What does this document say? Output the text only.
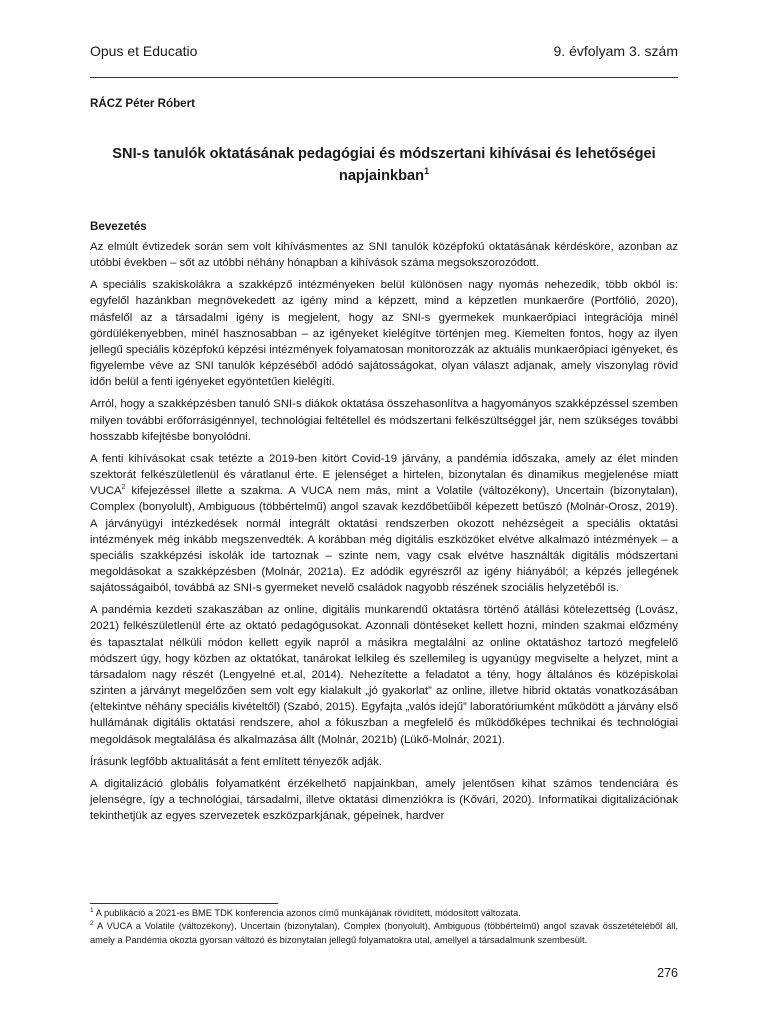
Opus et Educatio	9. évfolyam 3. szám
RÁCZ Péter Róbert
SNI-s tanulók oktatásának pedagógiai és módszertani kihívásai és lehetőségei napjainkban$^1$
Bevezetés

Az elmúlt évtizedek során sem volt kihívásmentes az SNI tanulók középfokú oktatásának kérdésköre, azonban az utóbbi években – sőt az utóbbi néhány hónapban a kihívások száma megsokszorozódott.

A speciális szakiskolákra a szakképző intézményeken belül különösen nagy nyomás nehezedik, több okból is: egyfelől hazánkban megnövekedett az igény mind a képzett, mind a képzetlen munkaerőre (Portfólió, 2020), másfelől az a társadalmi igény is megjelent, hogy az SNI-s gyermekek munkaerőpiaci integrációja minél gördülékenyebben, minél hasznosabban – az igényeket kielégítve történjen meg. Kiemelten fontos, hogy az ilyen jellegű speciális középfokú képzési intézmények folyamatosan monitorozzák az aktuális munkaerőpiaci igényeket, és figyelembe véve az SNI tanulók képzéséből adódó sajátosságokat, olyan választ adjanak, amely viszonylag rövid időn belül a fenti igényeket egyöntetűen kielégíti.

Arról, hogy a szakképzésben tanuló SNI-s diákok oktatása összehasonlítva a hagyományos szakképzéssel szemben milyen további erőforrásigénnyel, technológiai feltétellel és módszertani felkészültséggel jár, nem szükséges további hosszabb kifejtésbe bonyolódni.

A fenti kihívásokat csak tetézte a 2019-ben kitört Covid-19 járvány, a pandémia időszaka, amely az élet minden szektorát felkészületlenül és váratlanul érte. E jelenséget a hirtelen, bizonytalan és dinamikus megjelenése miatt VUCA$^2$ kifejezéssel illette a szakma. A VUCA nem más, mint a Volatile (változékony), Uncertain (bizonytalan), Complex (bonyolult), Ambiguous (többértelmű) angol szavak kezdőbetűiből képezett betűszó (Molnár-Orosz, 2019). A járványügyi intézkedések normál integrált oktatási rendszerben okozott nehézségeit a speciális oktatási intézmények még inkább megszenvedték. A korábban még digitális eszközöket elvétve alkalmazó intézmények – a speciális szakképzési iskolák ide tartoznak – szinte nem, vagy csak elvétve használták digitális módszertani megoldásokat a szakképzésben (Molnár, 2021a). Ez adódik egyrészről az igény hiányából; a képzés jellegének sajátosságaiból, továbbá az SNI-s gyermeket nevelő családok nagyobb részének szociális helyzetéből is.

A pandémia kezdeti szakaszában az online, digitális munkarendű oktatásra történő átállási kötelezettség (Lovász, 2021) felkészületlenül érte az oktató pedagógusokat. Azonnali döntéseket kellett hozni, minden szakmai előzmény és tapasztalat nélküli módon kellett egyik napról a másikra megtalálni az online oktatáshoz tartozó megfelelő módszert úgy, hogy közben az oktatókat, tanárokat lelkileg és szellemileg is ugyanúgy megviselte a helyzet, mint a társadalom nagy részét (Lengyelné et.al, 2014). Nehezítette a feladatot a tény, hogy általános és középiskolai szinten a járványt megelőzően sem volt egy kialakult „jó gyakorlat” az online, illetve hibrid oktatás vonatkozásában (eltekintve néhány speciális kivételtől) (Szabó, 2015). Egyfajta „valós idejű” laboratóriumként működött a járvány első hullámának digitális oktatási rendszere, ahol a fókuszban a megfelelő és működőképes technikai és technológiai megoldások megtalálása és alkalmazása állt (Molnár, 2021b) (Lükő-Molnár, 2021).

Írásunk legfőbb aktualitását a fent említett tényezők adják.

A digitalizáció globális folyamatként érzékelhető napjainkban, amely jelentősen kihat számos tendenciára és jelenségre, így a technológiai, társadalmi, illetve oktatási dimenziókra is (Kővári, 2020). Informatikai digitalizációnak tekinthetjük az egyes szervezetek eszközparkjának, gépeinek, hardver

$^1$ A publikáció a 2021-es BME TDK konferencia azonos című munkájának rövidített, módosított változata.

$^2$ A VUCA a Volatile (változékony), Uncertain (bizonytalan), Complex (bonyolult), Ambiguous (többértelmű) angol szavak összetételéből áll, amely a Pandémia okozta gyorsan változó és bizonytalan jellegű folyamatokra utal, amellyel a társadalmunk szembesült.

276
